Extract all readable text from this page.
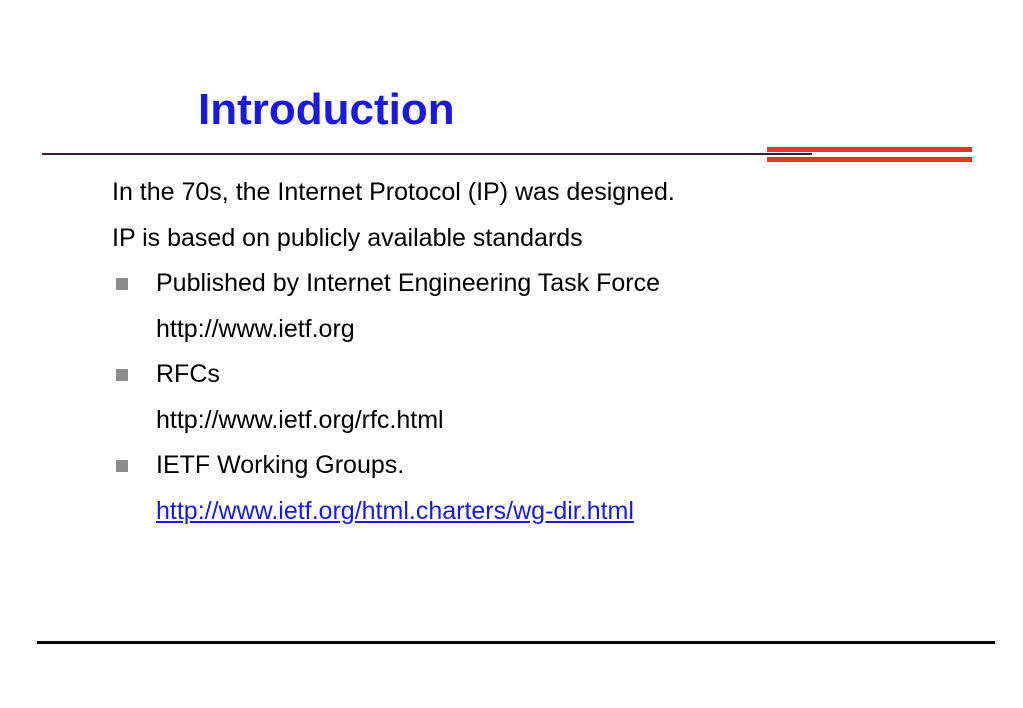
Introduction
In the 70s, the Internet Protocol (IP) was designed.
IP is based on publicly available standards
Published by Internet Engineering Task Force
http://www.ietf.org
RFCs
http://www.ietf.org/rfc.html
IETF Working Groups.
http://www.ietf.org/html.charters/wg-dir.html
